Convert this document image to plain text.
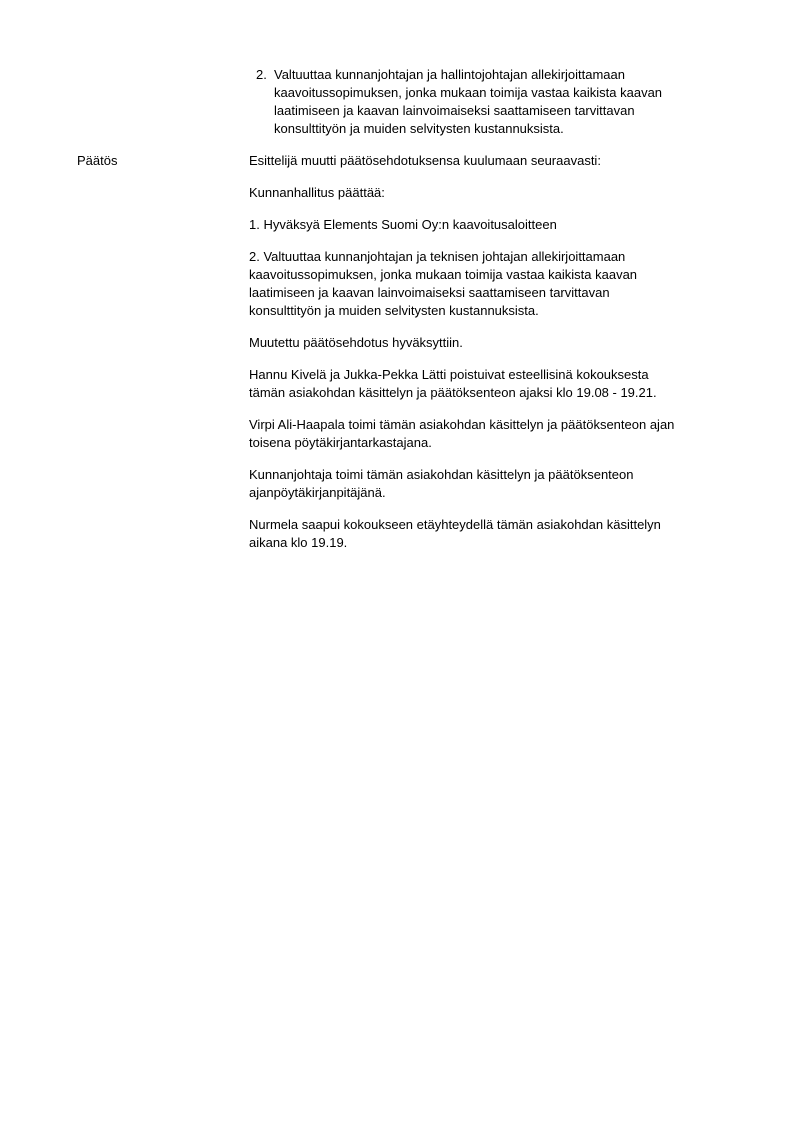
2. Valtuuttaa kunnanjohtajan ja hallintojohtajan allekirjoittamaan
kaavoitussopimuksen, jonka mukaan toimija vastaa kaikista kaavan
laatimiseen ja kaavan lainvoimaiseksi saattamiseen tarvittavan
konsulttityön ja muiden selvitysten kustannuksista.
Päätös	Esittelijä muutti päätösehdotuksensa kuulumaan seuraavasti:

Kunnanhallitus päättää:

1. Hyväksyä Elements Suomi Oy:n kaavoitusaloitteen

2. Valtuuttaa kunnanjohtajan ja teknisen johtajan allekirjoittamaan
kaavoitussopimuksen, jonka mukaan toimija vastaa kaikista kaavan
laatimiseen ja kaavan lainvoimaiseksi saattamiseen tarvittavan
konsulttityön ja muiden selvitysten kustannuksista.

Muutettu päätösehdotus hyväksyttiin.

Hannu Kivelä ja Jukka-Pekka Lätti poistuivat esteellisinä kokouksesta
tämän asiakohdan käsittelyn ja päätöksenteon ajaksi klo 19.08 - 19.21.

Virpi Ali-Haapala toimi tämän asiakohdan käsittelyn ja päätöksenteon ajan
toisena pöytäkirjantarkastajana.

Kunnanjohtaja toimi tämän asiakohdan käsittelyn ja päätöksenteon
ajanpöytäkirjanpitäjänä.

Nurmela saapui kokoukseen etäyhteydellä tämän asiakohdan käsittelyn
aikana klo 19.19.
